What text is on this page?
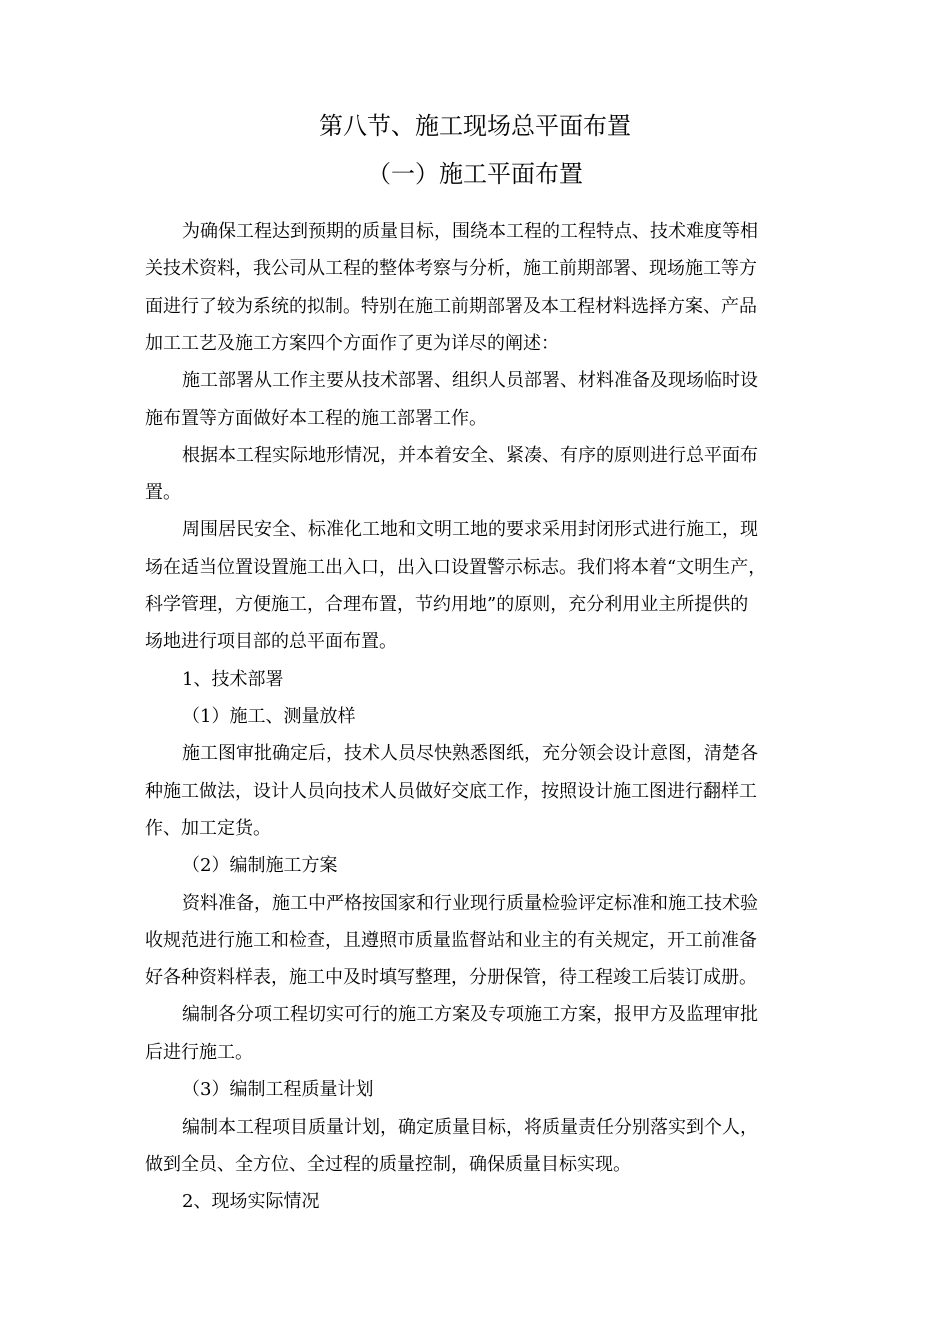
第八节、施工现场总平面布置
（一）施工平面布置
为确保工程达到预期的质量目标，围绕本工程的工程特点、技术难度等相
关技术资料，我公司从工程的整体考察与分析，施工前期部署、现场施工等方
面进行了较为系统的拟制。特别在施工前期部署及本工程材料选择方案、产品
加工工艺及施工方案四个方面作了更为详尽的阐述：
施工部署从工作主要从技术部署、组织人员部署、材料准备及现场临时设
施布置等方面做好本工程的施工部署工作。
根据本工程实际地形情况，并本着安全、紧凑、有序的原则进行总平面布
置。
周围居民安全、标准化工地和文明工地的要求采用封闭形式进行施工，现
场在适当位置设置施工出入口，出入口设置警示标志。我们将本着“文明生产，
科学管理，方便施工，合理布置，节约用地”的原则，充分利用业主所提供的
场地进行项目部的总平面布置。
1、技术部署
（1）施工、测量放样
施工图审批确定后，技术人员尽快熟悉图纸，充分领会设计意图，清楚各
种施工做法，设计人员向技术人员做好交底工作，按照设计施工图进行翻样工
作、加工定货。
（2）编制施工方案
资料准备，施工中严格按国家和行业现行质量检验评定标准和施工技术验
收规范进行施工和检查，且遵照市质量监督站和业主的有关规定，开工前准备
好各种资料样表，施工中及时填写整理，分册保管，待工程竣工后装订成册。
编制各分项工程切实可行的施工方案及专项施工方案，报甲方及监理审批
后进行施工。
（3）编制工程质量计划
编制本工程项目质量计划，确定质量目标，将质量责任分别落实到个人，
做到全员、全方位、全过程的质量控制，确保质量目标实现。
2、现场实际情况
